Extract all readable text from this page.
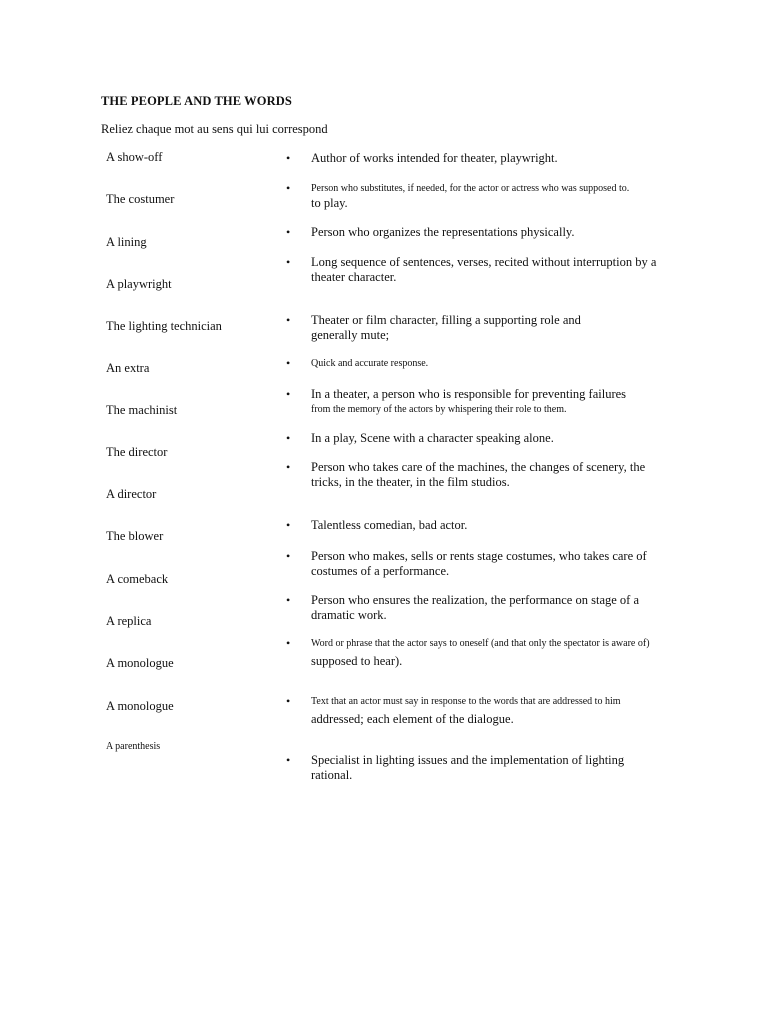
THE PEOPLE AND THE WORDS
Reliez chaque mot au sens qui lui correspond
A show-off
The costumer
A lining
A playwright
The lighting technician
An extra
The machinist
The director
A director
The blower
A comeback
A replica
A monologue
A monologue
A parenthesis
• Author of works intended for theater, playwright.
• Person who substitutes, if needed, for the actor or actress who was supposed to.
to play.
• Person who organizes the representations physically.
• Long sequence of sentences, verses, recited without interruption by a
theater character.
• Theater or film character, filling a supporting role and
generally mute;
• Quick and accurate response.
• In a theater, a person who is responsible for preventing failures
from the memory of the actors by whispering their role to them.
• In a play, Scene with a character speaking alone.
• Person who takes care of the machines, the changes of scenery, the
tricks, in the theater, in the film studios.
• Talentless comedian, bad actor.
• Person who makes, sells or rents stage costumes, who takes care of
costumes of a performance.
• Person who ensures the realization, the performance on stage of a
dramatic work.
• Word or phrase that the actor says to oneself (and that only the spectator is aware of)
supposed to hear).
• Text that an actor must say in response to the words that are addressed to him
addressed; each element of the dialogue.
• Specialist in lighting issues and the implementation of lighting
rational.
